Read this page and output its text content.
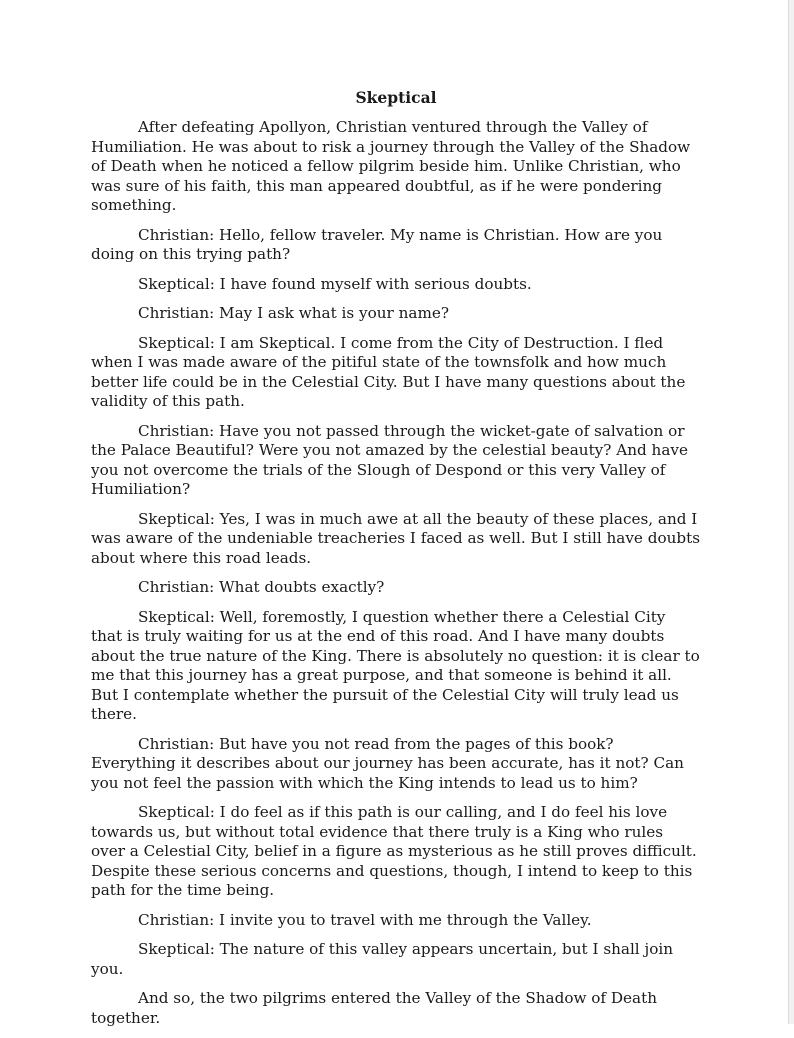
Skeptical

After defeating Apollyon, Christian ventured through the Valley of Humiliation. He was about to risk a journey through the Valley of the Shadow of Death when he noticed a fellow pilgrim beside him. Unlike Christian, who was sure of his faith, this man appeared doubtful, as if he were pondering something.

Christian: Hello, fellow traveler. My name is Christian. How are you doing on this trying path?

Skeptical: I have found myself with serious doubts.

Christian: May I ask what is your name?

Skeptical: I am Skeptical. I come from the City of Destruction. I fled when I was made aware of the pitiful state of the townsfolk and how much better life could be in the Celestial City. But I have many questions about the validity of this path.

Christian: Have you not passed through the wicket-gate of salvation or the Palace Beautiful? Were you not amazed by the celestial beauty? And have you not overcome the trials of the Slough of Despond or this very Valley of Humiliation?

Skeptical: Yes, I was in much awe at all the beauty of these places, and I was aware of the undeniable treacheries I faced as well. But I still have doubts about where this road leads.

Christian: What doubts exactly?

Skeptical: Well, foremostly, I question whether there a Celestial City that is truly waiting for us at the end of this road. And I have many doubts about the true nature of the King. There is absolutely no question: it is clear to me that this journey has a great purpose, and that someone is behind it all. But I contemplate whether the pursuit of the Celestial City will truly lead us there.

Christian: But have you not read from the pages of this book? Everything it describes about our journey has been accurate, has it not? Can you not feel the passion with which the King intends to lead us to him?

Skeptical: I do feel as if this path is our calling, and I do feel his love towards us, but without total evidence that there truly is a King who rules over a Celestial City, belief in a figure as mysterious as he still proves difficult. Despite these serious concerns and questions, though, I intend to keep to this path for the time being.

Christian: I invite you to travel with me through the Valley.

Skeptical: The nature of this valley appears uncertain, but I shall join you.

And so, the two pilgrims entered the Valley of the Shadow of Death together.
